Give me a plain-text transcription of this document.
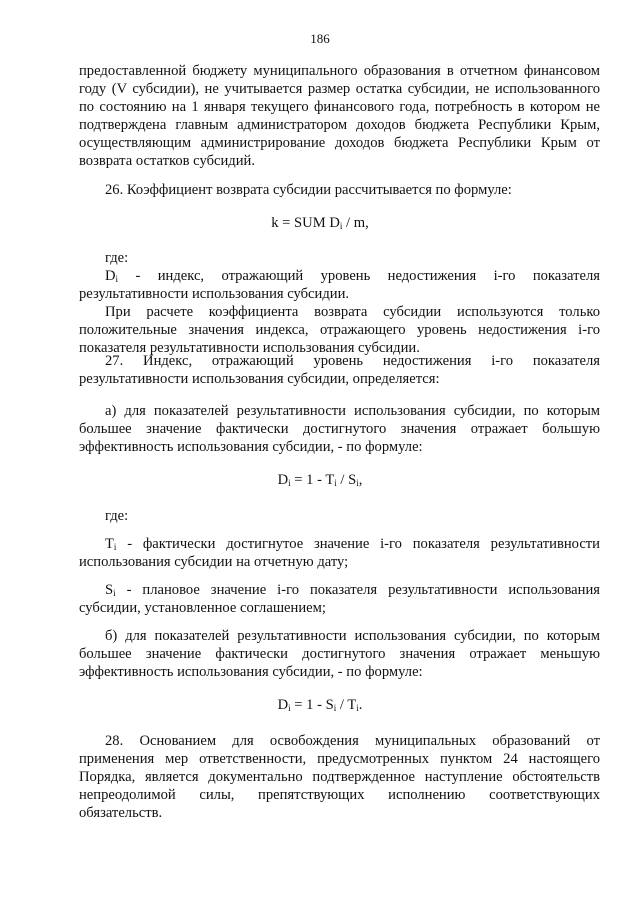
186
предоставленной бюджету муниципального образования в отчетном финансовом
году (V субсидии), не учитывается размер остатка субсидии, не использованного
по состоянию на 1 января текущего финансового года, потребность в котором не
подтверждена главным администратором доходов бюджета Республики Крым,
осуществляющим администрирование доходов бюджета Республики Крым от
возврата остатков субсидий.
26. Коэффициент возврата субсидии рассчитывается по формуле:
k = SUM $D_i$ / m,
где:
$D_i$ - индекс, отражающий уровень недостижения i-го показателя
результативности использования субсидии.
При расчете коэффициента возврата субсидии используются только
положительные значения индекса, отражающего уровень недостижения i-го
показателя результативности использования субсидии.
27. Индекс, отражающий уровень недостижения i-го показателя
результативности использования субсидии, определяется:
а) для показателей результативности использования субсидии, по которым
большее значение фактически достигнутого значения отражает большую
эффективность использования субсидии, - по формуле:
$D_i = 1 - T_i / S_i$,
где:
$T_i$ - фактически достигнутое значение i-го показателя результативности
использования субсидии на отчетную дату;
$S_i$ - плановое значение i-го показателя результативности использования
субсидии, установленное соглашением;
б) для показателей результативности использования субсидии, по которым
большее значение фактически достигнутого значения отражает меньшую
эффективность использования субсидии, - по формуле:
$D_i = 1 - S_i / T_i$.
28. Основанием для освобождения муниципальных образований от
применения мер ответственности, предусмотренных пунктом 24 настоящего
Порядка, является документально подтвержденное наступление обстоятельств
непреодолимой силы, препятствующих исполнению соответствующих
обязательств.
